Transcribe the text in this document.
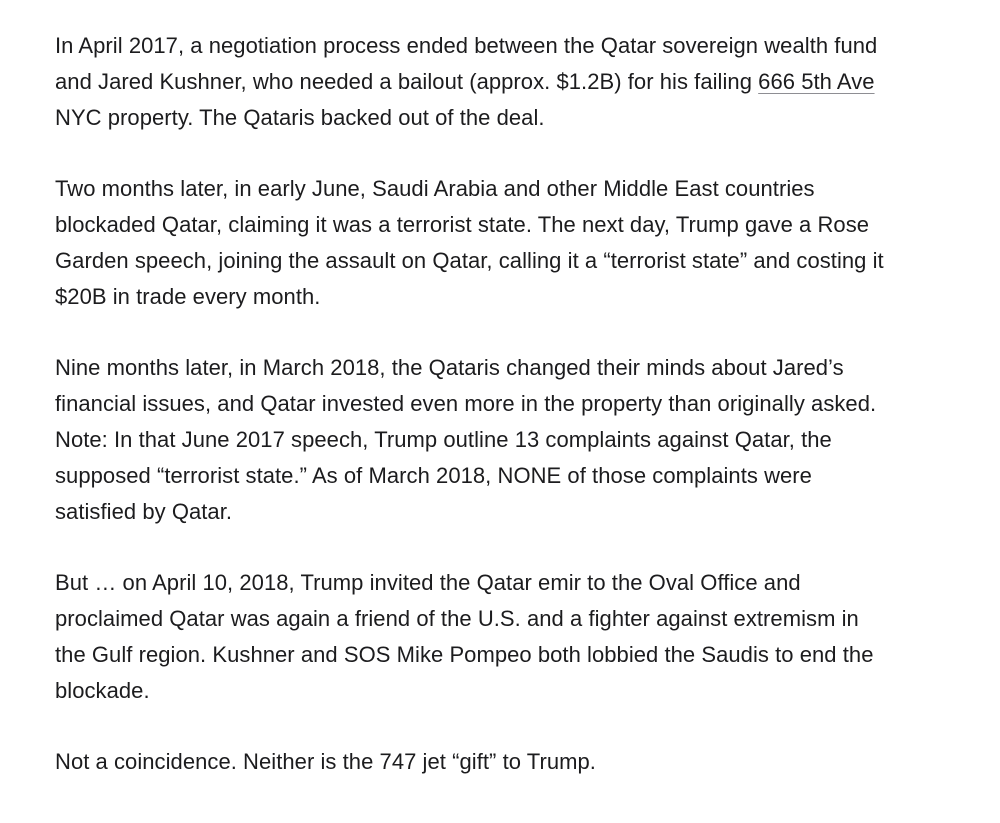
In April 2017, a negotiation process ended between the Qatar sovereign wealth fund
and Jared Kushner, who needed a bailout (approx. $1.2B) for his failing 666 5th Ave
NYC property. The Qataris backed out of the deal.

Two months later, in early June, Saudi Arabia and other Middle East countries
blockaded Qatar, claiming it was a terrorist state. The next day, Trump gave a Rose
Garden speech, joining the assault on Qatar, calling it a “terrorist state” and costing it
$20B in trade every month.

Nine months later, in March 2018, the Qataris changed their minds about Jared’s
financial issues, and Qatar invested even more in the property than originally asked.
Note: In that June 2017 speech, Trump outline 13 complaints against Qatar, the
supposed “terrorist state.” As of March 2018, NONE of those complaints were
satisfied by Qatar.

But … on April 10, 2018, Trump invited the Qatar emir to the Oval Office and
proclaimed Qatar was again a friend of the U.S. and a fighter against extremism in
the Gulf region. Kushner and SOS Mike Pompeo both lobbied the Saudis to end the
blockade.

Not a coincidence. Neither is the 747 jet “gift” to Trump.
